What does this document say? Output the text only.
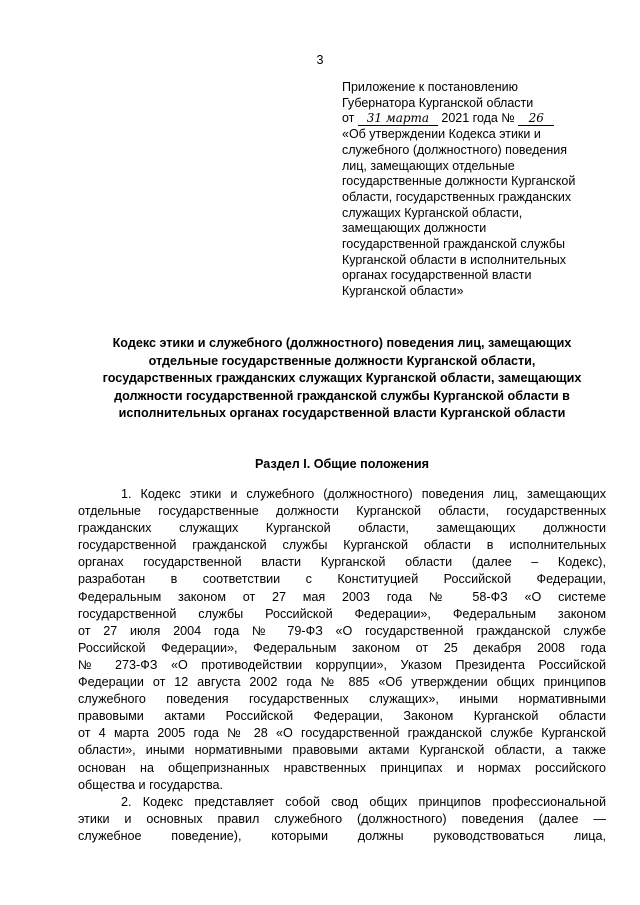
3

Приложение к постановлению

Губернатора Курганской области

от 31 марта 2021 года № 26

«Об утверждении Кодекса этики и

служебного (должностного) поведения

лиц, замещающих отдельные

государственные должности Курганской

области, государственных гражданских

служащих Курганской области,

замещающих должности

государственной гражданской службы

Курганской области в исполнительных

органах государственной власти

Курганской области»

Кодекс этики и служебного (должностного) поведения лиц, замещающих

отдельные государственные должности Курганской области,

государственных гражданских служащих Курганской области, замещающих

должности государственной гражданской службы Курганской области в

исполнительных органах государственной власти Курганской области

Раздел I. Общие положения
1. Кодекс этики и служебного (должностного) поведения лиц, замещающих
отдельные государственные должности Курганской области, государственных
гражданских служащих Курганской области, замещающих должности
государственной гражданской службы Курганской области в исполнительных
органах государственной власти Курганской области (далее – Кодекс),
разработан в соответствии с Конституцией Российской Федерации,
Федеральным законом от 27 мая 2003 года № 58-ФЗ «О системе
государственной службы Российской Федерации», Федеральным законом
от 27 июля 2004 года № 79-ФЗ «О государственной гражданской службе
Российской Федерации», Федеральным законом от 25 декабря 2008 года
№ 273-ФЗ «О противодействии коррупции», Указом Президента Российской
Федерации от 12 августа 2002 года № 885 «Об утверждении общих принципов
служебного поведения государственных служащих», иными нормативными
правовыми актами Российской Федерации, Законом Курганской области
от 4 марта 2005 года № 28 «О государственной гражданской службе Курганской
области», иными нормативными правовыми актами Курганской области, а также
основан на общепризнанных нравственных принципах и нормах российского
общества и государства.
2. Кодекс представляет собой свод общих принципов профессиональной
этики и основных правил служебного (должностного) поведения (далее —
служебное поведение), которыми должны руководствоваться лица,
